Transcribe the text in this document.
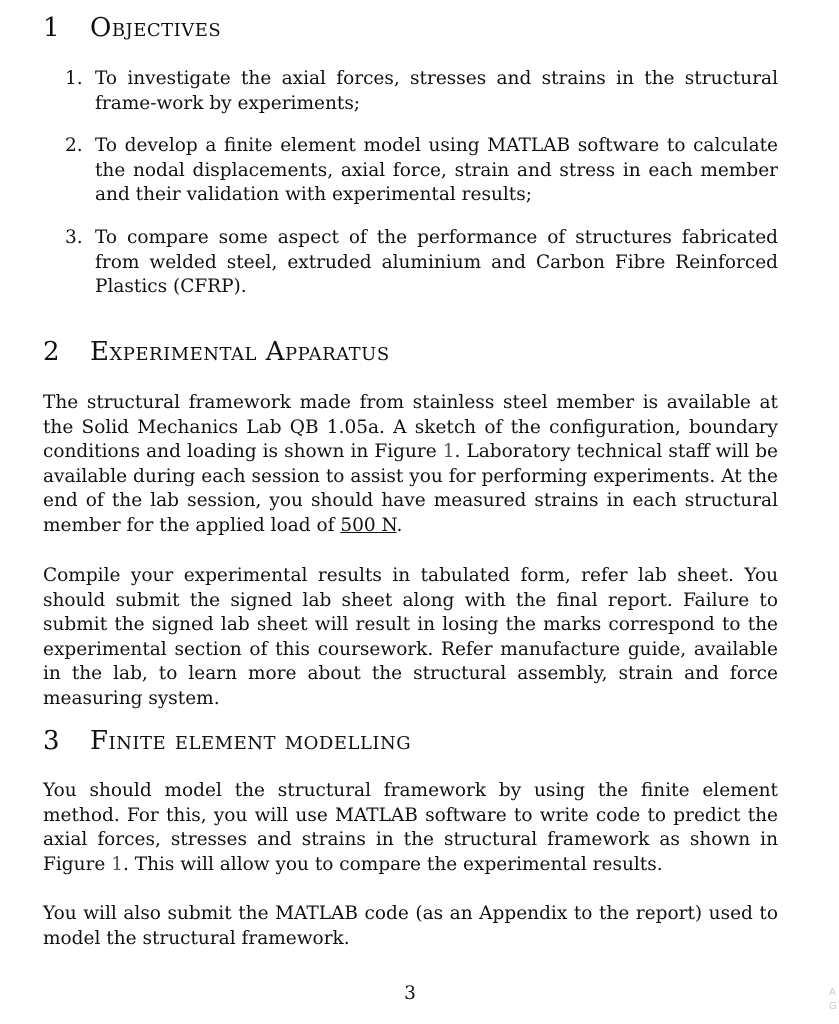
1 Objectives
1. To investigate the axial forces, stresses and strains in the structural frame-work by experiments;
2. To develop a finite element model using MATLAB software to calculate the nodal displacements, axial force, strain and stress in each member and their validation with experimental results;
3. To compare some aspect of the performance of structures fabricated from welded steel, extruded aluminium and Carbon Fibre Reinforced Plastics (CFRP).
2 Experimental Apparatus

The structural framework made from stainless steel member is available at the Solid Mechanics Lab QB 1.05a. A sketch of the configuration, boundary conditions and loading is shown in Figure 1. Laboratory technical staff will be available during each session to assist you for performing experiments. At the end of the lab session, you should have measured strains in each structural member for the applied load of 500 N.

Compile your experimental results in tabulated form, refer lab sheet. You should submit the signed lab sheet along with the final report. Failure to submit the signed lab sheet will result in losing the marks correspond to the experimental section of this coursework. Refer manufacture guide, available in the lab, to learn more about the structural assembly, strain and force measuring system.

3 Finite element modelling

You should model the structural framework by using the finite element method. For this, you will use MATLAB software to write code to predict the axial forces, stresses and strains in the structural framework as shown in Figure 1. This will allow you to compare the experimental results.

You will also submit the MATLAB code (as an Appendix to the report) used to model the structural framework.

3	A G
